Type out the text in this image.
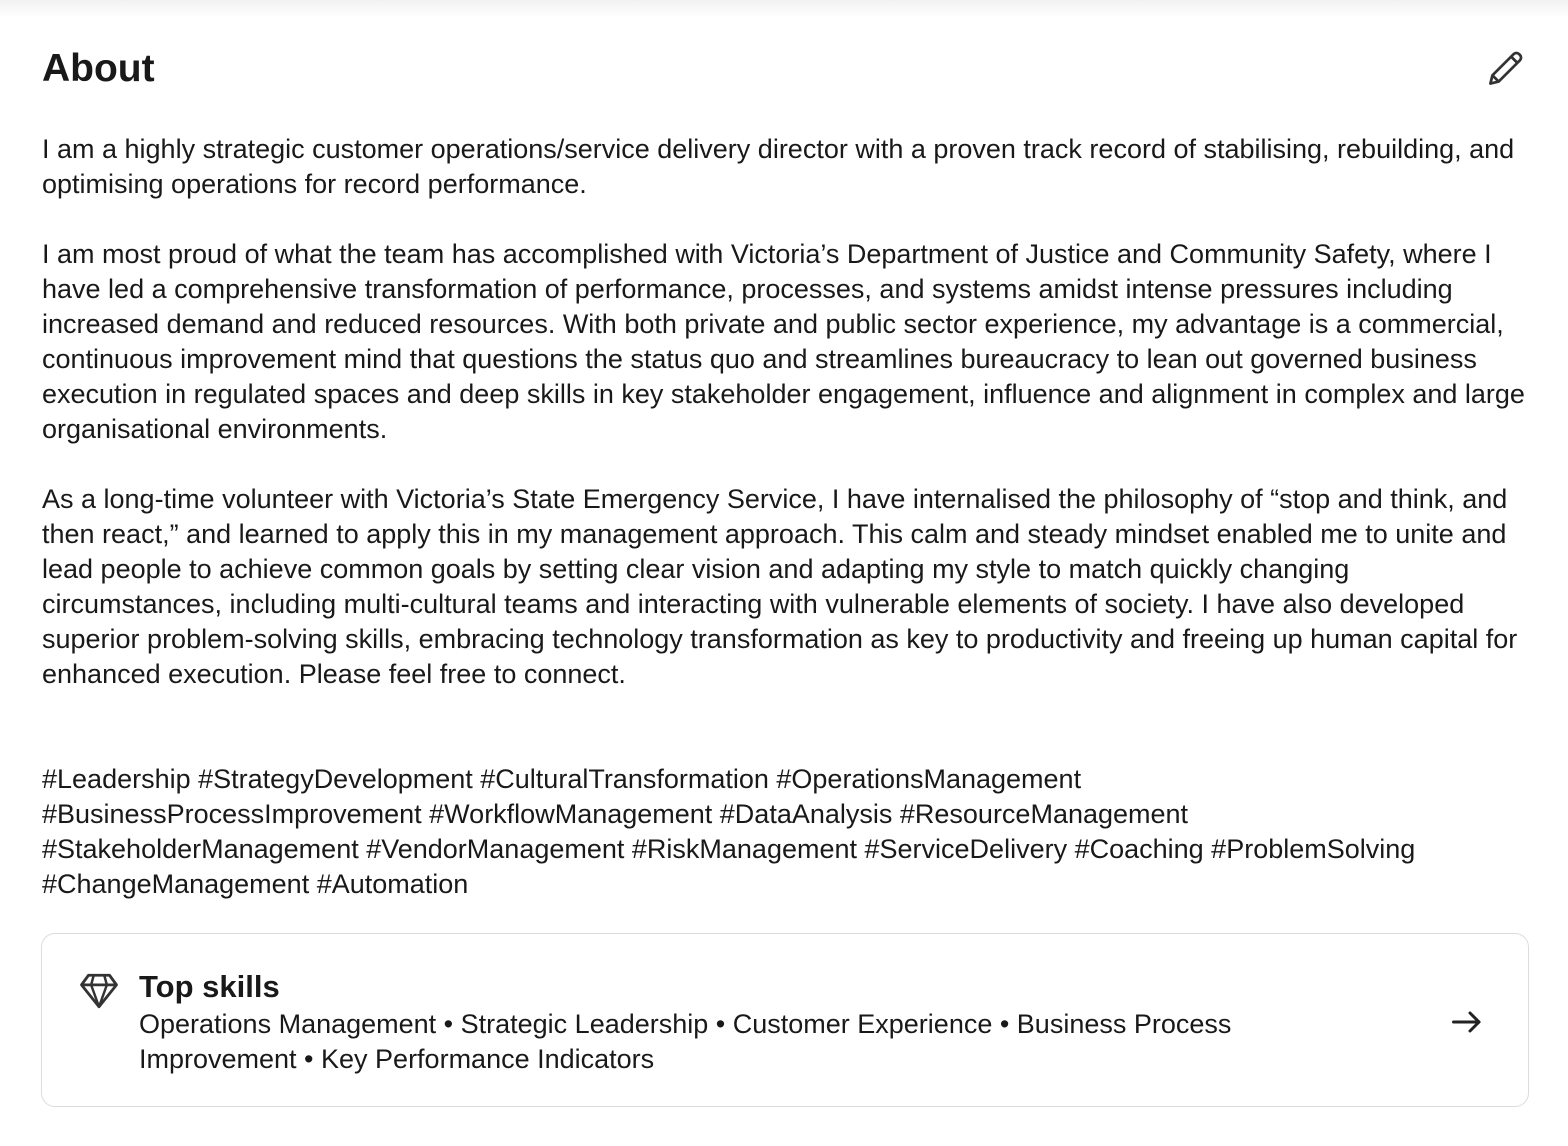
About

I am a highly strategic customer operations/service delivery director with a proven track record of stabilising, rebuilding, and optimising operations for record performance.

I am most proud of what the team has accomplished with Victoria’s Department of Justice and Community Safety, where I have led a comprehensive transformation of performance, processes, and systems amidst intense pressures including increased demand and reduced resources. With both private and public sector experience, my advantage is a commercial, continuous improvement mind that questions the status quo and streamlines bureaucracy to lean out governed business execution in regulated spaces and deep skills in key stakeholder engagement, influence and alignment in complex and large organisational environments.

As a long-time volunteer with Victoria’s State Emergency Service, I have internalised the philosophy of “stop and think, and then react,” and learned to apply this in my management approach. This calm and steady mindset enabled me to unite and lead people to achieve common goals by setting clear vision and adapting my style to match quickly changing circumstances, including multi-cultural teams and interacting with vulnerable elements of society. I have also developed superior problem-solving skills, embracing technology transformation as key to productivity and freeing up human capital for enhanced execution. Please feel free to connect.

#Leadership #StrategyDevelopment #CulturalTransformation #OperationsManagement

#BusinessProcessImprovement #WorkflowManagement #DataAnalysis #ResourceManagement

#StakeholderManagement #VendorManagement #RiskManagement #ServiceDelivery #Coaching #ProblemSolving

#ChangeManagement #Automation

Top skills
Operations Management • Strategic Leadership • Customer Experience • Business Process Improvement • Key Performance Indicators
